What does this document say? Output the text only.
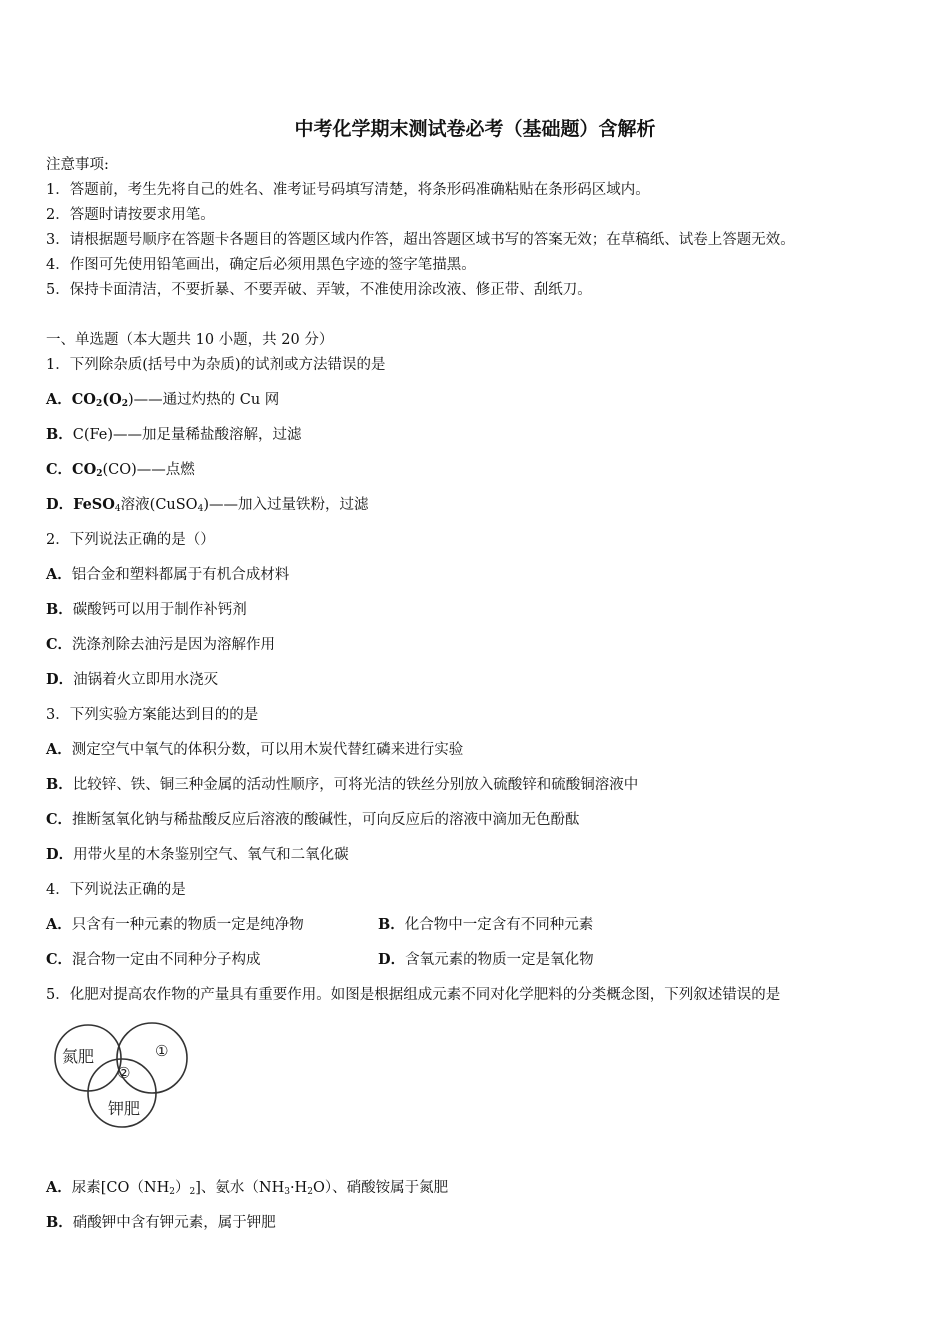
中考化学期末测试卷必考（基础题）含解析
注意事项:
1．答题前，考生先将自己的姓名、准考证号码填写清楚，将条形码准确粘贴在条形码区域内。
2．答题时请按要求用笔。
3．请根据题号顺序在答题卡各题目的答题区域内作答，超出答题区域书写的答案无效；在草稿纸、试卷上答题无效。
4．作图可先使用铅笔画出，确定后必须用黑色字迹的签字笔描黑。
5．保持卡面清洁，不要折暴、不要弄破、弄皱，不准使用涂改液、修正带、刮纸刀。
一、单选题（本大题共 10 小题，共 20 分）
1．下列除杂质(括号中为杂质)的试剂或方法错误的是
A．$CO_2(O_2)——$通过灼热的 Cu 网
B．C(Fe)——加足量稀盐酸溶解，过滤
C．$CO_2(CO)——$点燃
D．FeSO$_4$溶液(CuSO$_4$)——加入过量铁粉，过滤
2．下列说法正确的是（）
A．铝合金和塑料都属于有机合成材料
B．碳酸钙可以用于制作补钙剂
C．洗涤剂除去油污是因为溶解作用
D．油锅着火立即用水浇灭
3．下列实验方案能达到目的的是
A．测定空气中氧气的体积分数，可以用木炭代替红磷来进行实验
B．比较锌、铁、铜三种金属的活动性顺序，可将光洁的铁丝分别放入硫酸锌和硫酸铜溶液中
C．推断氢氧化钠与稀盐酸反应后溶液的酸碱性，可向反应后的溶液中滴加无色酚酞
D．用带火星的木条鉴别空气、氧气和二氧化碳
4．下列说法正确的是
A．只含有一种元素的物质一定是纯净物	B．化合物中一定含有不同种元素
C．混合物一定由不同种分子构成	D．含氧元素的物质一定是氧化物
5．化肥对提高农作物的产量具有重要作用。如图是根据组成元素不同对化学肥料的分类概念图，下列叙述错误的是
氮肥	①
②
钾肥
A．尿素$[CO(NH_2)_2]$、氨水$(NH_3\cdot H_2O)$、硝酸铵属于氮肥
B．硝酸钾中含有钾元素，属于钾肥
